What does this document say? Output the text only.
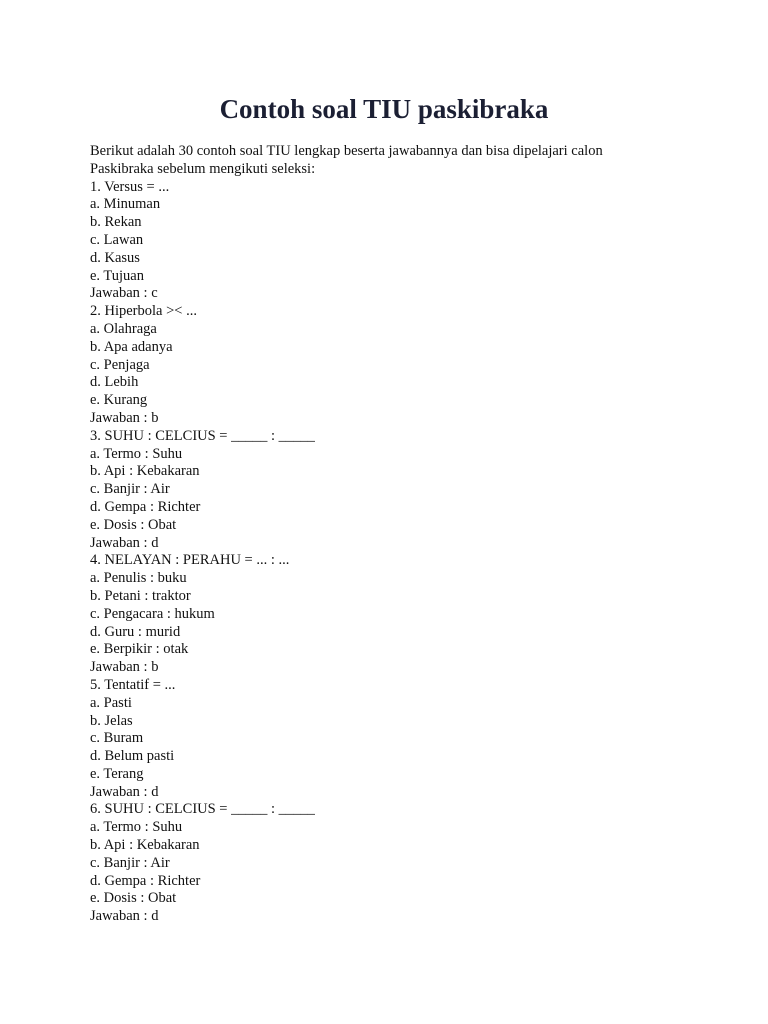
Contoh soal TIU paskibraka
Berikut adalah 30 contoh soal TIU lengkap beserta jawabannya dan bisa dipelajari calon
Paskibraka sebelum mengikuti seleksi:
1. Versus = ...
a. Minuman
b. Rekan
c. Lawan
d. Kasus
e. Tujuan
Jawaban : c
2. Hiperbola >< ...
a. Olahraga
b. Apa adanya
c. Penjaga
d. Lebih
e. Kurang
Jawaban : b
3. SUHU : CELCIUS = _____ : _____
a. Termo : Suhu
b. Api : Kebakaran
c. Banjir : Air
d. Gempa : Richter
e. Dosis : Obat
Jawaban : d
4. NELAYAN : PERAHU = ... : ...
a. Penulis : buku
b. Petani : traktor
c. Pengacara : hukum
d. Guru : murid
e. Berpikir : otak
Jawaban : b
5. Tentatif = ...
a. Pasti
b. Jelas
c. Buram
d. Belum pasti
e. Terang
Jawaban : d
6. SUHU : CELCIUS = _____ : _____
a. Termo : Suhu
b. Api : Kebakaran
c. Banjir : Air
d. Gempa : Richter
e. Dosis : Obat
Jawaban : d
